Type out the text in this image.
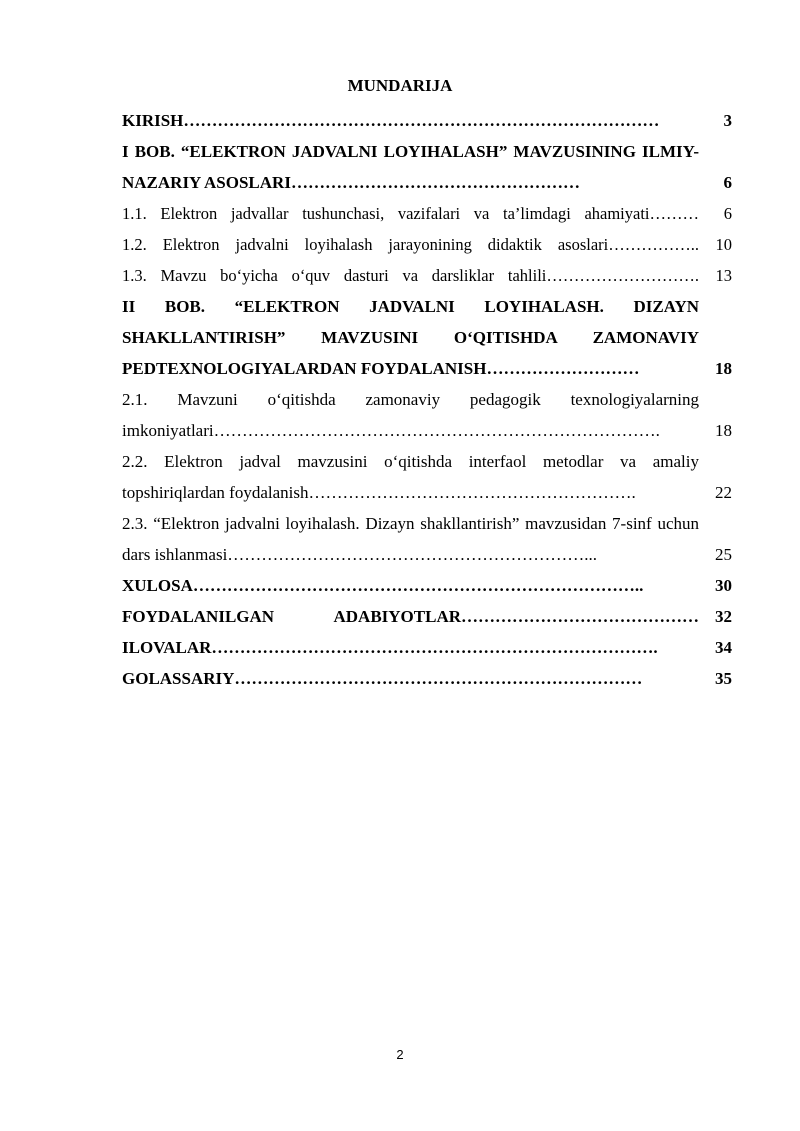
MUNDARIJA
KIRISH…………………………………………………………………………	3
I BOB. “ELEKTRON JADVALNI LOYIHALASH” MAVZUSINING ILMIY-NAZARIY ASOSLARI……………………………………………	6
1.1. Elektron jadvallar tushunchasi, vazifalari va ta’limdagi ahamiyati………	6
1.2. Elektron jadvalni loyihalash jarayonining didaktik asoslari……………..	10
1.3. Mavzu bo‘yicha o‘quv dasturi va darsliklar tahlili……………………….	13
II BOB. “ELEKTRON JADVALNI LOYIHALASH. DIZAYN SHAKLLANTIRISH” MAVZUSINI O‘QITISHDA ZAMONAVIY PEDTEXNOLOGIYALARDAN FOYDALANISH………………………	18
2.1. Mavzuni o‘qitishda zamonaviy pedagogik texnologiyalarning imkoniyatlari…………………………………………………………………….	18
2.2. Elektron jadval mavzusini o‘qitishda interfaol metodlar va amaliy topshiriqlardan foydalanish………………………………………………….	22
2.3. “Elektron jadvalni loyihalash. Dizayn shakllantirish” mavzusidan 7-sinf uchun dars ishlanmasi………………………………………………………...	25
XULOSA……………………………………………………………………..	30
FOYDALANILGAN ADABIYOTLAR…………………………………… 32
ILOVALAR…………………………………………………………………….	34
GOLASSARIY………………………………………………………………	35
2
